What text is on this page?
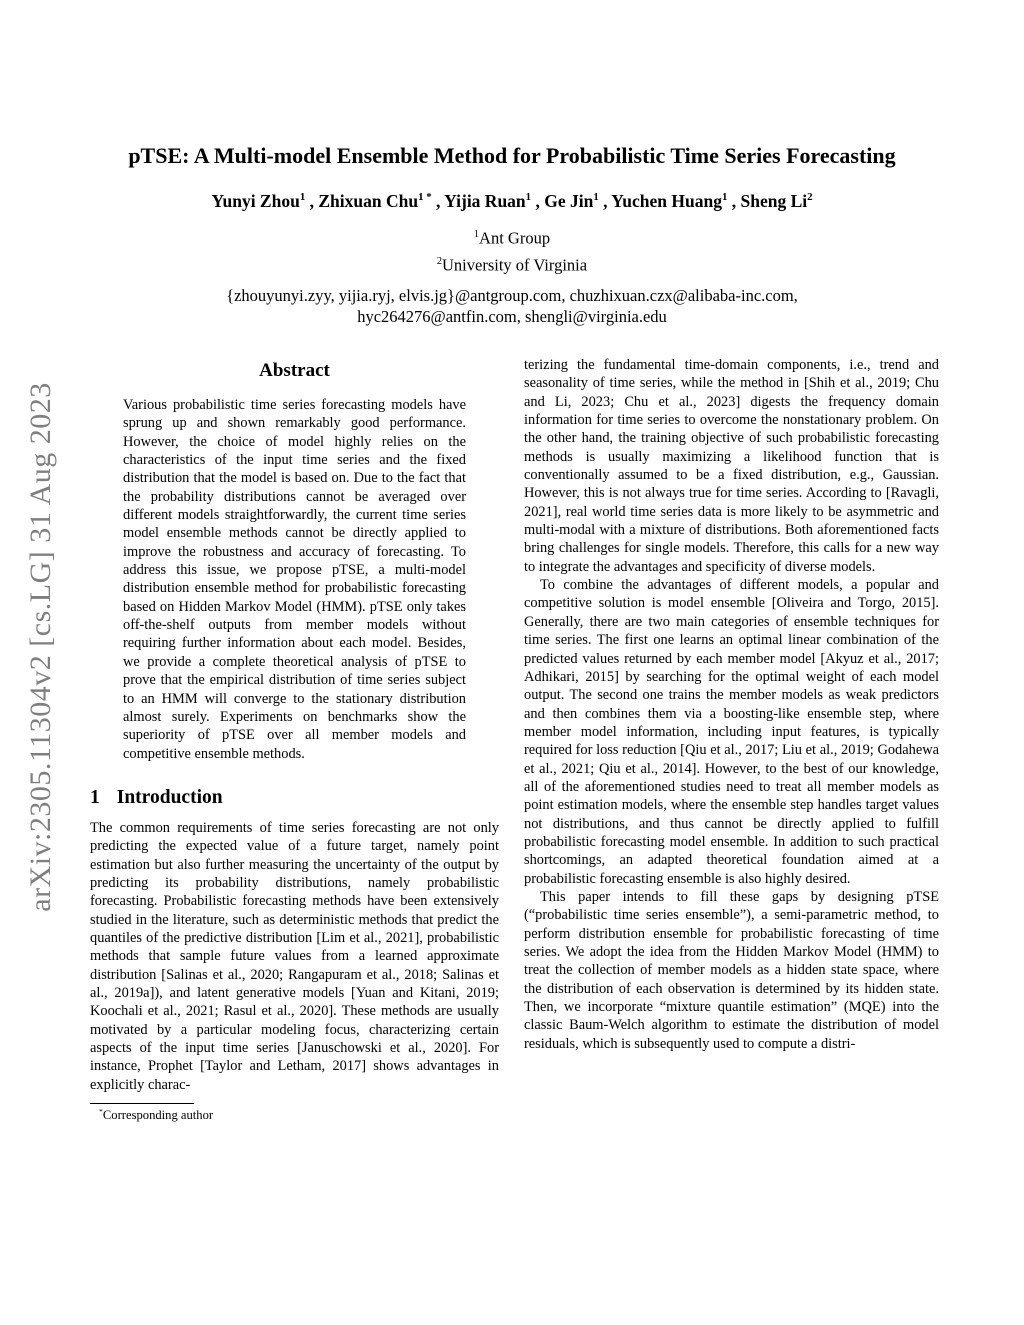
arXiv:2305.11304v2 [cs.LG] 31 Aug 2023
pTSE: A Multi-model Ensemble Method for Probabilistic Time Series Forecasting
Yunyi Zhou$^1$ , Zhixuan Chu$^{1 *}$ , Yijia Ruan$^1$ , Ge Jin$^1$ , Yuchen Huang$^1$ , Sheng Li$^2$
$^1$Ant Group
$^2$University of Virginia
{zhouyunyi.zyy, yijia.ryj, elvis.jg}@antgroup.com, chuzhixuan.czx@alibaba-inc.com,
hyc264276@antfin.com, shengli@virginia.edu
Abstract
Various probabilistic time series forecasting models have sprung up and shown remarkably good performance. However, the choice of model highly relies on the characteristics of the input time series and the fixed distribution that the model is based on. Due to the fact that the probability distributions cannot be averaged over different models straightforwardly, the current time series model ensemble methods cannot be directly applied to improve the robustness and accuracy of forecasting. To address this issue, we propose pTSE, a multi-model distribution ensemble method for probabilistic forecasting based on Hidden Markov Model (HMM). pTSE only takes off-the-shelf outputs from member models without requiring further information about each model. Besides, we provide a complete theoretical analysis of pTSE to prove that the empirical distribution of time series subject to an HMM will converge to the stationary distribution almost surely. Experiments on benchmarks show the superiority of pTSE over all member models and competitive ensemble methods.
1 Introduction
The common requirements of time series forecasting are not only predicting the expected value of a future target, namely point estimation but also further measuring the uncertainty of the output by predicting its probability distributions, namely probabilistic forecasting. Probabilistic forecasting methods have been extensively studied in the literature, such as deterministic methods that predict the quantiles of the predictive distribution [Lim et al., 2021], probabilistic methods that sample future values from a learned approximate distribution [Salinas et al., 2020; Rangapuram et al., 2018; Salinas et al., 2019a]), and latent generative models [Yuan and Kitani, 2019; Koochali et al., 2021; Rasul et al., 2020]. These methods are usually motivated by a particular modeling focus, characterizing certain aspects of the input time series [Januschowski et al., 2020]. For instance, Prophet [Taylor and Letham, 2017] shows advantages in explicitly charac-
*Corresponding author

terizing the fundamental time-domain components, i.e., trend and seasonality of time series, while the method in [Shih et al., 2019; Chu and Li, 2023; Chu et al., 2023] digests the frequency domain information for time series to overcome the nonstationary problem. On the other hand, the training objective of such probabilistic forecasting methods is usually maximizing a likelihood function that is conventionally assumed to be a fixed distribution, e.g., Gaussian. However, this is not always true for time series. According to [Ravagli, 2021], real world time series data is more likely to be asymmetric and multi-modal with a mixture of distributions. Both aforementioned facts bring challenges for single models. Therefore, this calls for a new way to integrate the advantages and specificity of diverse models.

To combine the advantages of different models, a popular and competitive solution is model ensemble [Oliveira and Torgo, 2015]. Generally, there are two main categories of ensemble techniques for time series. The first one learns an optimal linear combination of the predicted values returned by each member model [Akyuz et al., 2017; Adhikari, 2015] by searching for the optimal weight of each model output. The second one trains the member models as weak predictors and then combines them via a boosting-like ensemble step, where member model information, including input features, is typically required for loss reduction [Qiu et al., 2017; Liu et al., 2019; Godahewa et al., 2021; Qiu et al., 2014]. However, to the best of our knowledge, all of the aforementioned studies need to treat all member models as point estimation models, where the ensemble step handles target values not distributions, and thus cannot be directly applied to fulfill probabilistic forecasting model ensemble. In addition to such practical shortcomings, an adapted theoretical foundation aimed at a probabilistic forecasting ensemble is also highly desired.

This paper intends to fill these gaps by designing pTSE (“probabilistic time series ensemble”), a semi-parametric method, to perform distribution ensemble for probabilistic forecasting of time series. We adopt the idea from the Hidden Markov Model (HMM) to treat the collection of member models as a hidden state space, where the distribution of each observation is determined by its hidden state. Then, we incorporate “mixture quantile estimation” (MQE) into the classic Baum-Welch algorithm to estimate the distribution of model residuals, which is subsequently used to compute a distri-
